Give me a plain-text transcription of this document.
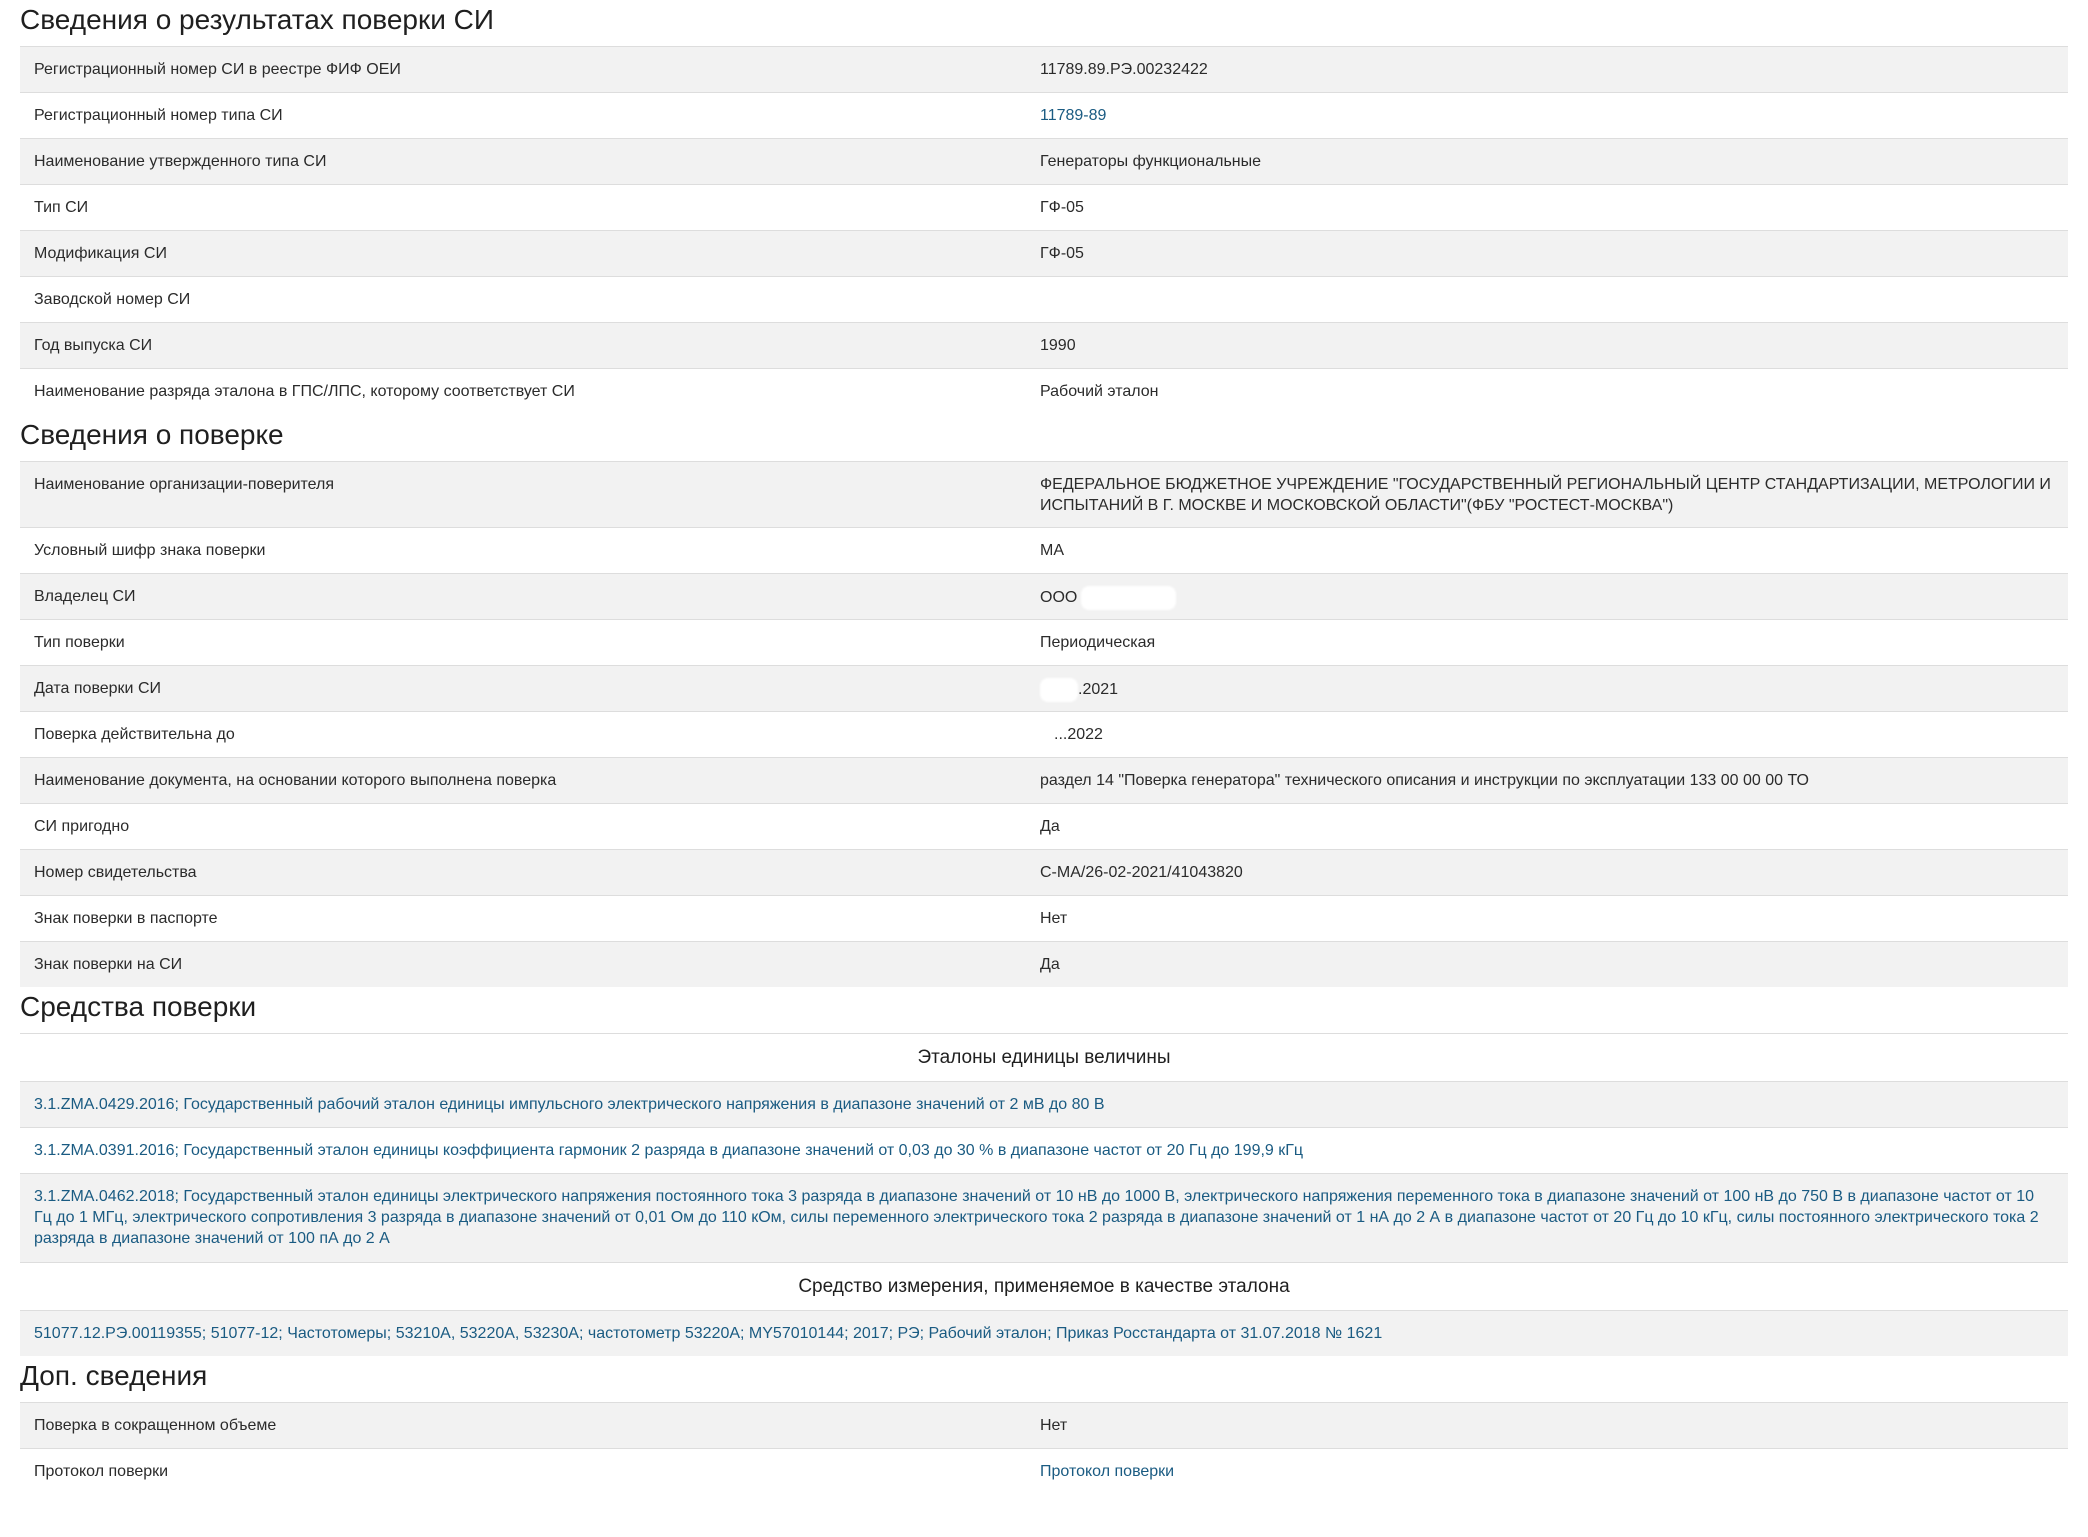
Сведения о результатах поверки СИ
Регистрационный номер СИ в реестре ФИФ ОЕИ	11789.89.РЭ.00232422
Регистрационный номер типа СИ	11789-89
Наименование утвержденного типа СИ	Генераторы функциональные
Тип СИ	ГФ-05
Модификация СИ	ГФ-05
Заводской номер СИ	
Год выпуска СИ	1990
Наименование разряда эталона в ГПС/ЛПС, которому соответствует СИ	Рабочий эталон
Сведения о поверке
Наименование организации-поверителя	ФЕДЕРАЛЬНОЕ БЮДЖЕТНОЕ УЧРЕЖДЕНИЕ "ГОСУДАРСТВЕННЫЙ РЕГИОНАЛЬНЫЙ ЦЕНТР СТАНДАРТИЗАЦИИ, МЕТРОЛОГИИ И ИСПЫТАНИЙ В Г. МОСКВЕ И МОСКОВСКОЙ ОБЛАСТИ"(ФБУ "РОСТЕСТ-МОСКВА")
Условный шифр знака поверки	МА
Владелец СИ	ООО
Тип поверки	Периодическая
Дата поверки СИ	.2021
Поверка действительна до	...2022
Наименование документа, на основании которого выполнена поверка	раздел 14 "Поверка генератора" технического описания и инструкции по эксплуатации 133 00 00 00 ТО
СИ пригодно	Да
Номер свидетельства	С-МА/26-02-2021/41043820
Знак поверки в паспорте	Нет
Знак поверки на СИ	Да
Средства поверки
Эталоны единицы величины
3.1.ZMA.0429.2016; Государственный рабочий эталон единицы импульсного электрического напряжения в диапазоне значений от 2 мВ до 80 В
3.1.ZMA.0391.2016; Государственный эталон единицы коэффициента гармоник 2 разряда в диапазоне значений от 0,03 до 30 % в диапазоне частот от 20 Гц до 199,9 кГц
3.1.ZMA.0462.2018; Государственный эталон единицы электрического напряжения постоянного тока 3 разряда в диапазоне значений от 10 нВ до 1000 В, электрического напряжения переменного тока в диапазоне значений от 100 нВ до 750 В в диапазоне частот от 10 Гц до 1 МГц, электрического сопротивления 3 разряда в диапазоне значений от 0,01 Ом до 110 кОм, силы переменного электрического тока 2 разряда в диапазоне значений от 1 нА до 2 А в диапазоне частот от 20 Гц до 10 кГц, силы постоянного электрического тока 2 разряда в диапазоне значений от 100 пА до 2 А
Средство измерения, применяемое в качестве эталона
51077.12.РЭ.00119355; 51077-12; Частотомеры; 53210А, 53220А, 53230А; частотометр 53220А; MY57010144; 2017; РЭ; Рабочий эталон; Приказ Росстандарта от 31.07.2018 № 1621
Доп. сведения
Поверка в сокращенном объеме	Нет
Протокол поверки	Протокол поверки
